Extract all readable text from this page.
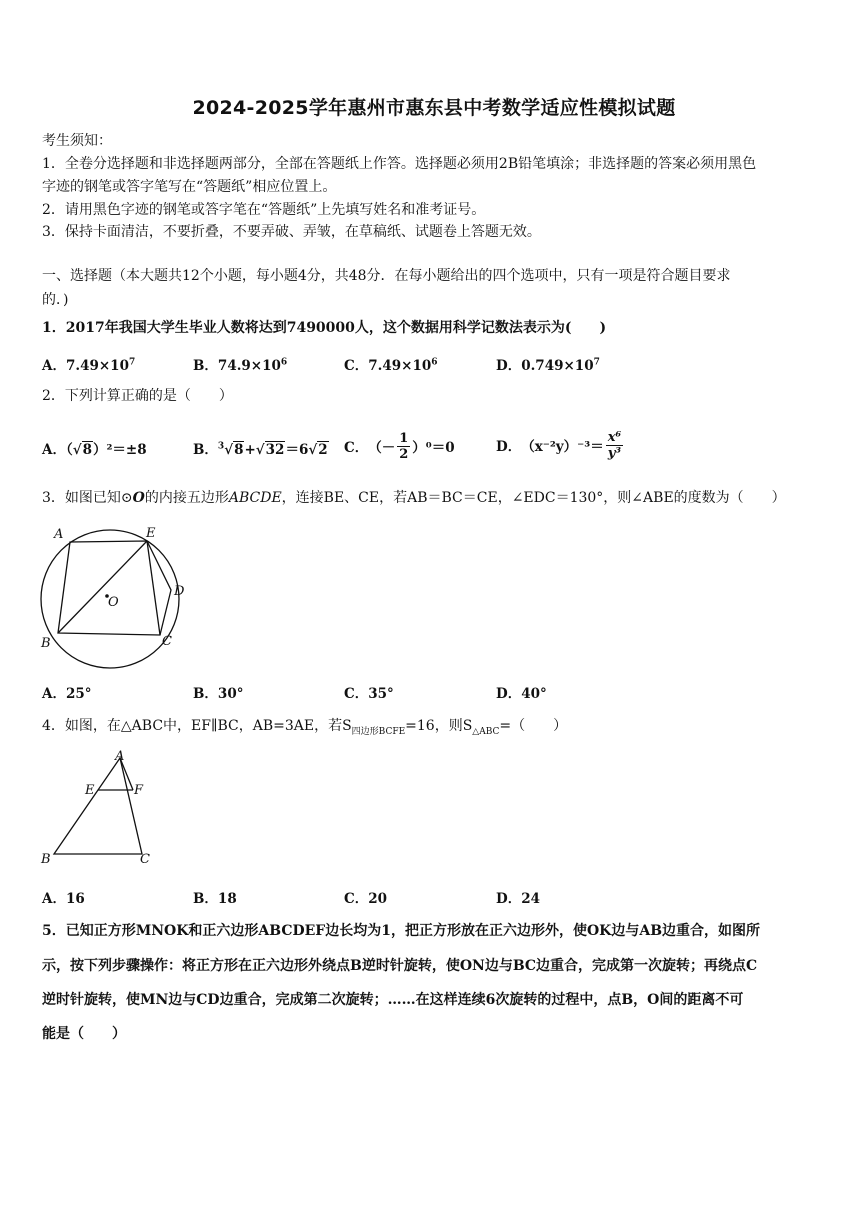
2024-2025学年惠州市惠东县中考数学适应性模拟试题
考生须知：
1．全卷分选择题和非选择题两部分，全部在答题纸上作答。选择题必须用2B铅笔填涂；非选择题的答案必须用黑色
字迹的钢笔或答字笔写在“答题纸”相应位置上。
2．请用黑色字迹的钢笔或答字笔在“答题纸”上先填写姓名和准考证号。
3．保持卡面清洁，不要折叠，不要弄破、弄皱，在草稿纸、试题卷上答题无效。
一、选择题（本大题共12个小题，每小题4分，共48分．在每小题给出的四个选项中，只有一项是符合题目要求
的．)
1．2017年我国大学生毕业人数将达到7490000人，这个数据用科学记数法表示为(　　)
A．$7.49\times 10^7$	B．$74.9\times 10^6$	C．$7.49\times 10^6$	D．$0.749\times 10^7$
2．下列计算正确的是（　　）
A．（√8）²＝±8	B．$^3$√8+√32＝6√2 C． （－ $\frac{1}{2} )^0=0$	D． $(x^{-2}y)^{-3}= \frac{\text{x⁶}}{\text{y³}}$
3．如图已知⊙O的内接五边形ABCDE，连接BE、CE，若AB＝BC＝CE，∠EDC＝130°，则∠ABE的度数为（　　）
A	E
D
O
B	C
A．25°	B．30°	C．35°	D．40°
4．如图，在△ABC中，EF∥BC，AB=3AE，若$S_{四边形BCFE}=16$，则$S_{\triangle ABC}=$（　　）
A
E	F
B	C
A．16	B．18	C．20	D．24
5．已知正方形MNOK和正六边形ABCDEF边长均为1，把正方形放在正六边形外，使OK边与AB边重合，如图所
示，按下列步骤操作：将正方形在正六边形外绕点B逆时针旋转，使ON边与BC边重合，完成第一次旋转；再绕点C
逆时针旋转，使MN边与CD边重合，完成第二次旋转；……在这样连续6次旋转的过程中，点B，O间的距离不可
能是（　　）
